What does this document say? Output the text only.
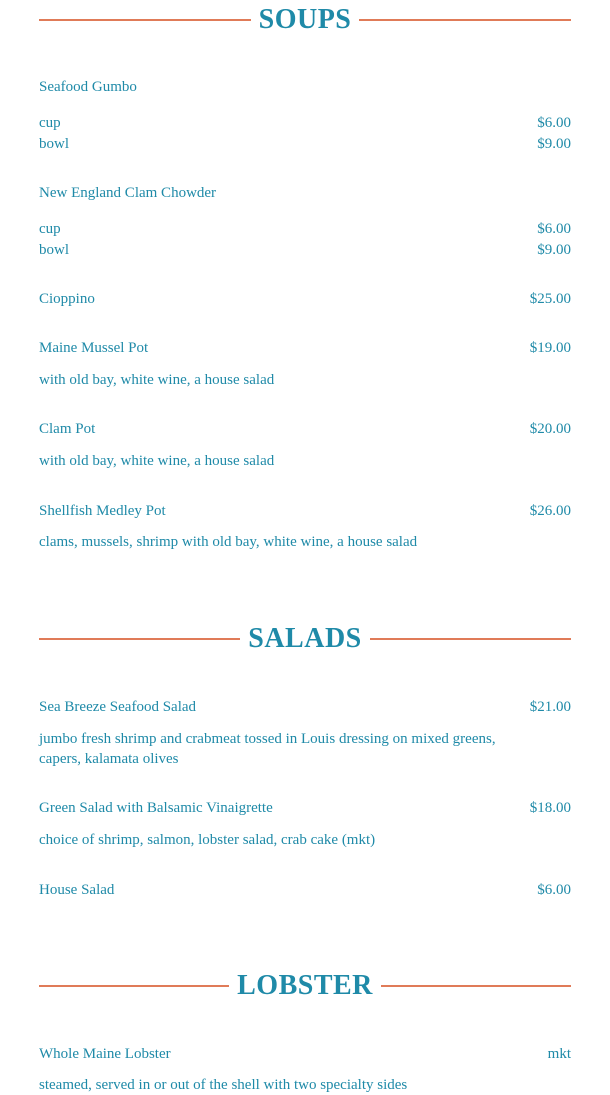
SOUPS
Seafood Gumbo
cup	$6.00
bowl	$9.00
New England Clam Chowder
cup	$6.00
bowl	$9.00
Cioppino	$25.00
Maine Mussel Pot	$19.00
with old bay, white wine, a house salad
Clam Pot	$20.00
with old bay, white wine, a house salad
Shellfish Medley Pot	$26.00
clams, mussels, shrimp with old bay, white wine, a house salad
SALADS
Sea Breeze Seafood Salad	$21.00
jumbo fresh shrimp and crabmeat tossed in Louis dressing on mixed greens, capers, kalamata olives
Green Salad with Balsamic Vinaigrette	$18.00
choice of shrimp, salmon, lobster salad, crab cake (mkt)
House Salad	$6.00
LOBSTER
Whole Maine Lobster	mkt
steamed, served in or out of the shell with two specialty sides
